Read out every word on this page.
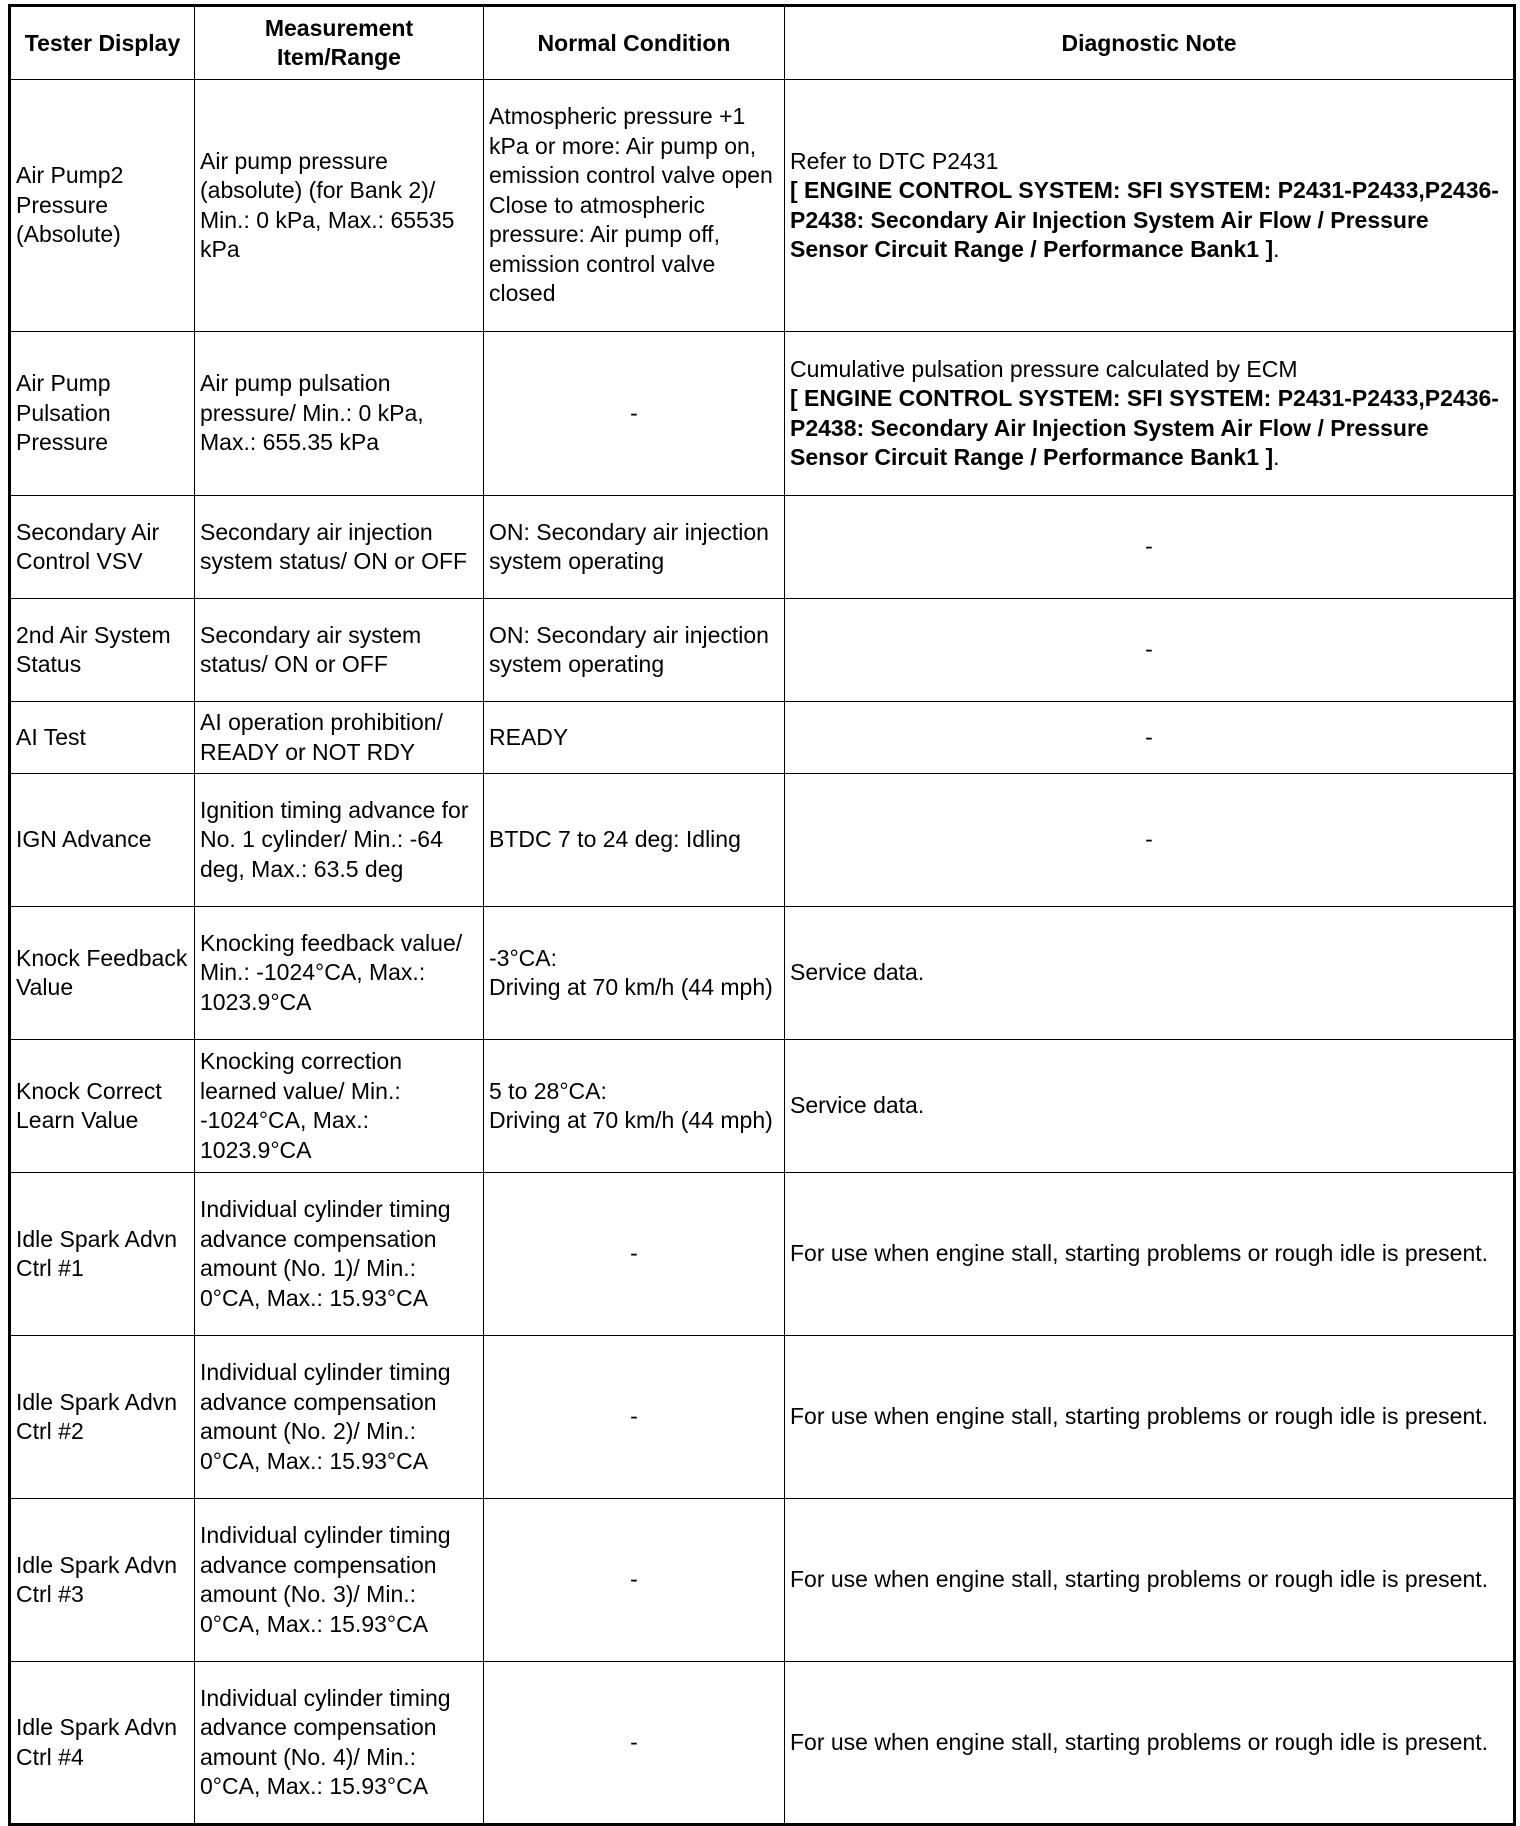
Tester Display	Measurement Item/Range	Normal Condition	Diagnostic Note
Air Pump2 Pressure (Absolute)	Air pump pressure (absolute) (for Bank 2)/ Min.: 0 kPa, Max.: 65535 kPa	Atmospheric pressure +1 kPa or more: Air pump on, emission control valve open Close to atmospheric pressure: Air pump off, emission control valve closed	Refer to DTC P2431
[ ENGINE CONTROL SYSTEM: SFI SYSTEM: P2431-P2433,P2436-P2438: Secondary Air Injection System Air Flow / Pressure Sensor Circuit Range / Performance Bank1 ].
Air Pump Pulsation Pressure	Air pump pulsation pressure/ Min.: 0 kPa, Max.: 655.35 kPa	-	Cumulative pulsation pressure calculated by ECM
[ ENGINE CONTROL SYSTEM: SFI SYSTEM: P2431-P2433,P2436-P2438: Secondary Air Injection System Air Flow / Pressure Sensor Circuit Range / Performance Bank1 ].
Secondary Air Control VSV	Secondary air injection system status/ ON or OFF	ON: Secondary air injection system operating	-
2nd Air System Status	Secondary air system status/ ON or OFF	ON: Secondary air injection system operating	-
AI Test	AI operation prohibition/ READY or NOT RDY	READY	-
IGN Advance	Ignition timing advance for No. 1 cylinder/ Min.: -64 deg, Max.: 63.5 deg	BTDC 7 to 24 deg: Idling	-
Knock Feedback Value	Knocking feedback value/ Min.: -1024°CA, Max.: 1023.9°CA	-3°CA:
Driving at 70 km/h (44 mph)	Service data.
Knock Correct Learn Value	Knocking correction learned value/ Min.: -1024°CA, Max.: 1023.9°CA	5 to 28°CA:
Driving at 70 km/h (44 mph)	Service data.
Idle Spark Advn Ctrl #1	Individual cylinder timing advance compensation amount (No. 1)/ Min.: 0°CA, Max.: 15.93°CA	-	For use when engine stall, starting problems or rough idle is present.
Idle Spark Advn Ctrl #2	Individual cylinder timing advance compensation amount (No. 2)/ Min.: 0°CA, Max.: 15.93°CA	-	For use when engine stall, starting problems or rough idle is present.
Idle Spark Advn Ctrl #3	Individual cylinder timing advance compensation amount (No. 3)/ Min.: 0°CA, Max.: 15.93°CA	-	For use when engine stall, starting problems or rough idle is present.
Idle Spark Advn Ctrl #4	Individual cylinder timing advance compensation amount (No. 4)/ Min.: 0°CA, Max.: 15.93°CA	-	For use when engine stall, starting problems or rough idle is present.
